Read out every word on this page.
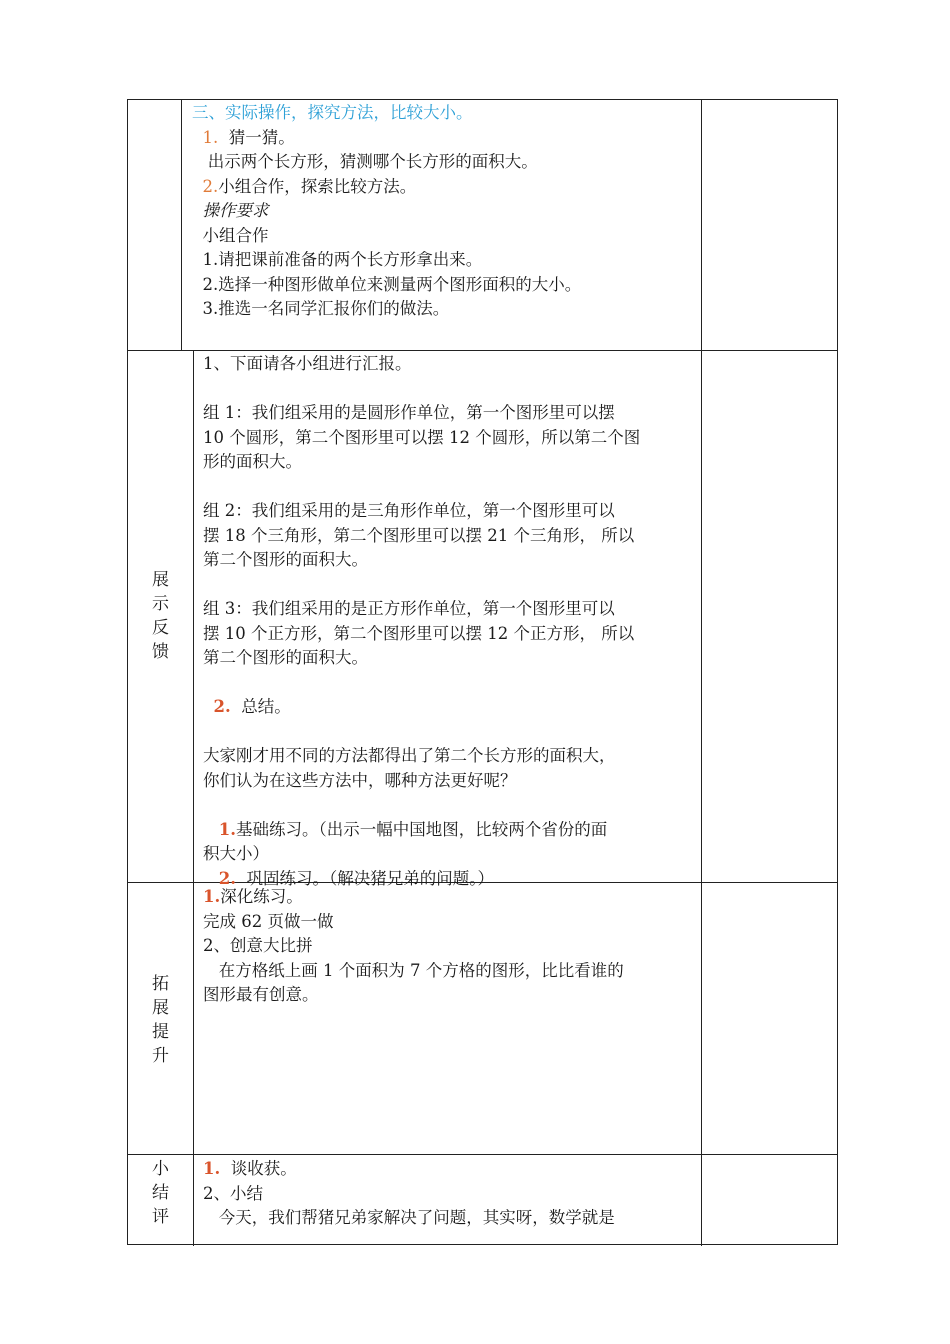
三、实际操作，探究方法，比较大小。
1. 猜一猜。
出示两个长方形，猜测哪个长方形的面积大。
2.小组合作，探索比较方法。
操作要求
小组合作
1.请把课前准备的两个长方形拿出来。
2.选择一种图形做单位来测量两个图形面积的大小。
3.推选一名同学汇报你们的做法。
展
示
反
馈
1、下面请各小组进行汇报。
组 1：我们组采用的是圆形作单位，第一个图形里可以摆
10 个圆形，第二个图形里可以摆 12 个圆形，所以第二个图
形的面积大。
组 2：我们组采用的是三角形作单位，第一个图形里可以
摆 18 个三角形，第二个图形里可以摆 21 个三角形， 所以
第二个图形的面积大。
组 3：我们组采用的是正方形作单位，第一个图形里可以
摆 10 个正方形，第二个图形里可以摆 12 个正方形， 所以
第二个图形的面积大。
2. 总结。
大家刚才用不同的方法都得出了第二个长方形的面积大，
你们认为在这些方法中，哪种方法更好呢？
1.基础练习。（出示一幅中国地图，比较两个省份的面
积大小）
2. 巩固练习。（解决猪兄弟的问题。）
拓
展
提
升
1.深化练习。
完成 62 页做一做
2、创意大比拼
在方格纸上画 1 个面积为 7 个方格的图形，比比看谁的
图形最有创意。
小
结
评
1. 谈收获。
2、小结
今天，我们帮猪兄弟家解决了问题，其实呀，数学就是
